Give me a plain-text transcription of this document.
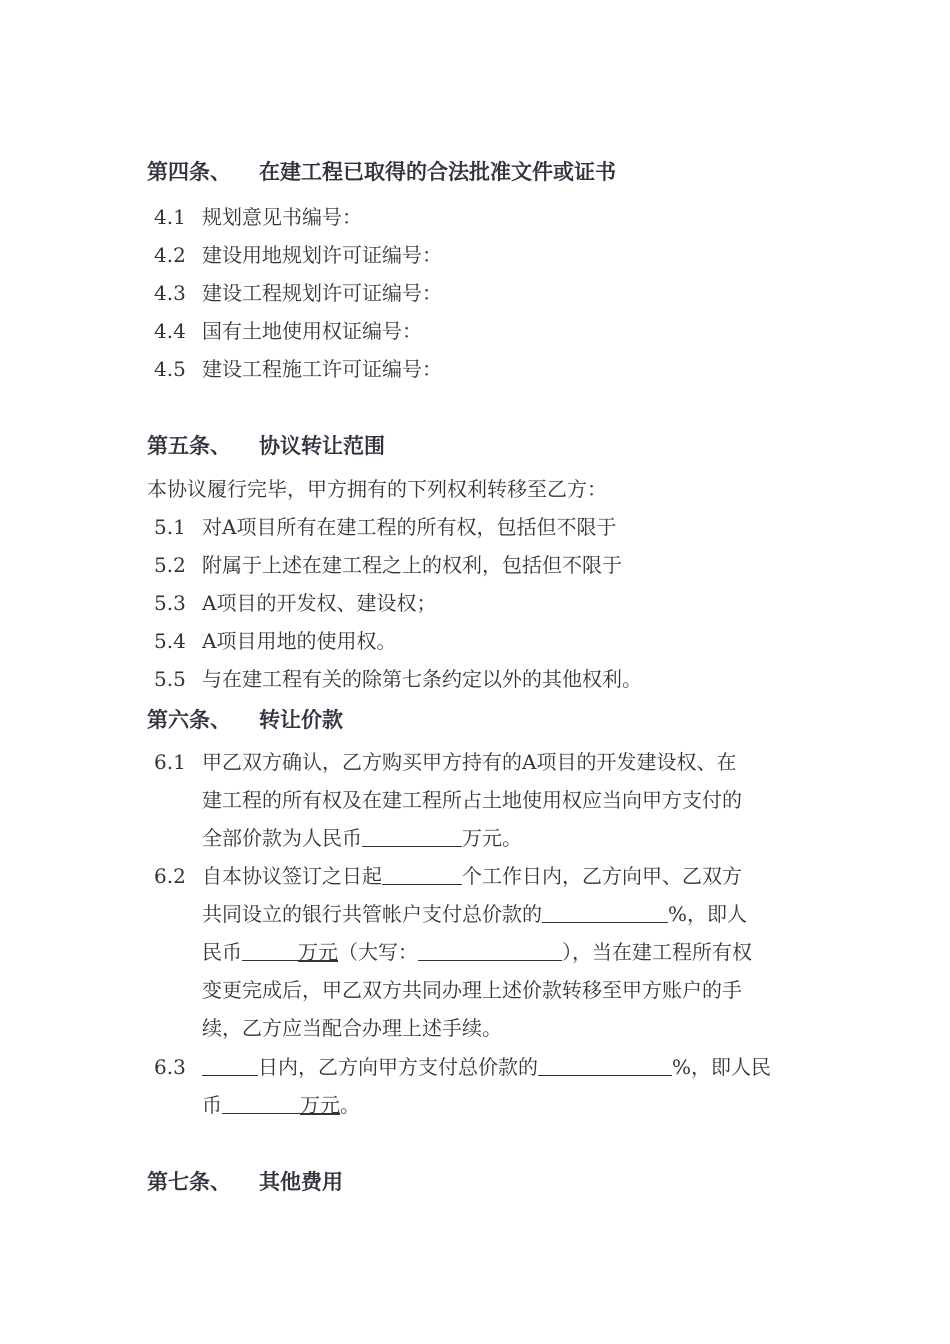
第四条、 在建工程已取得的合法批准文件或证书
4.1 规划意见书编号：
4.2 建设用地规划许可证编号：
4.3 建设工程规划许可证编号：
4.4 国有土地使用权证编号：
4.5 建设工程施工许可证编号：
第五条、 协议转让范围
本协议履行完毕，甲方拥有的下列权利转移至乙方：
5.1 对A项目所有在建工程的所有权，包括但不限于
5.2 附属于上述在建工程之上的权利，包括但不限于
5.3 A项目的开发权、建设权；
5.4 A项目用地的使用权。
5.5 与在建工程有关的除第七条约定以外的其他权利。
第六条、 转让价款
6.1 甲乙双方确认，乙方购买甲方持有的A项目的开发建设权、在
建工程的所有权及在建工程所占土地使用权应当向甲方支付的
全部价款为人民币	万元。
6.2 自本协议签订之日起	个工作日内，乙方向甲、乙双方
共同设立的银行共管帐户支付总价款的	%，即人
民币	万元（大写：	），当在建工程所有权
变更完成后，甲乙双方共同办理上述价款转移至甲方账户的手
续，乙方应当配合办理上述手续。
6.3	日内，乙方向甲方支付总价款的	%，即人民
币	万元。
第七条、 其他费用
